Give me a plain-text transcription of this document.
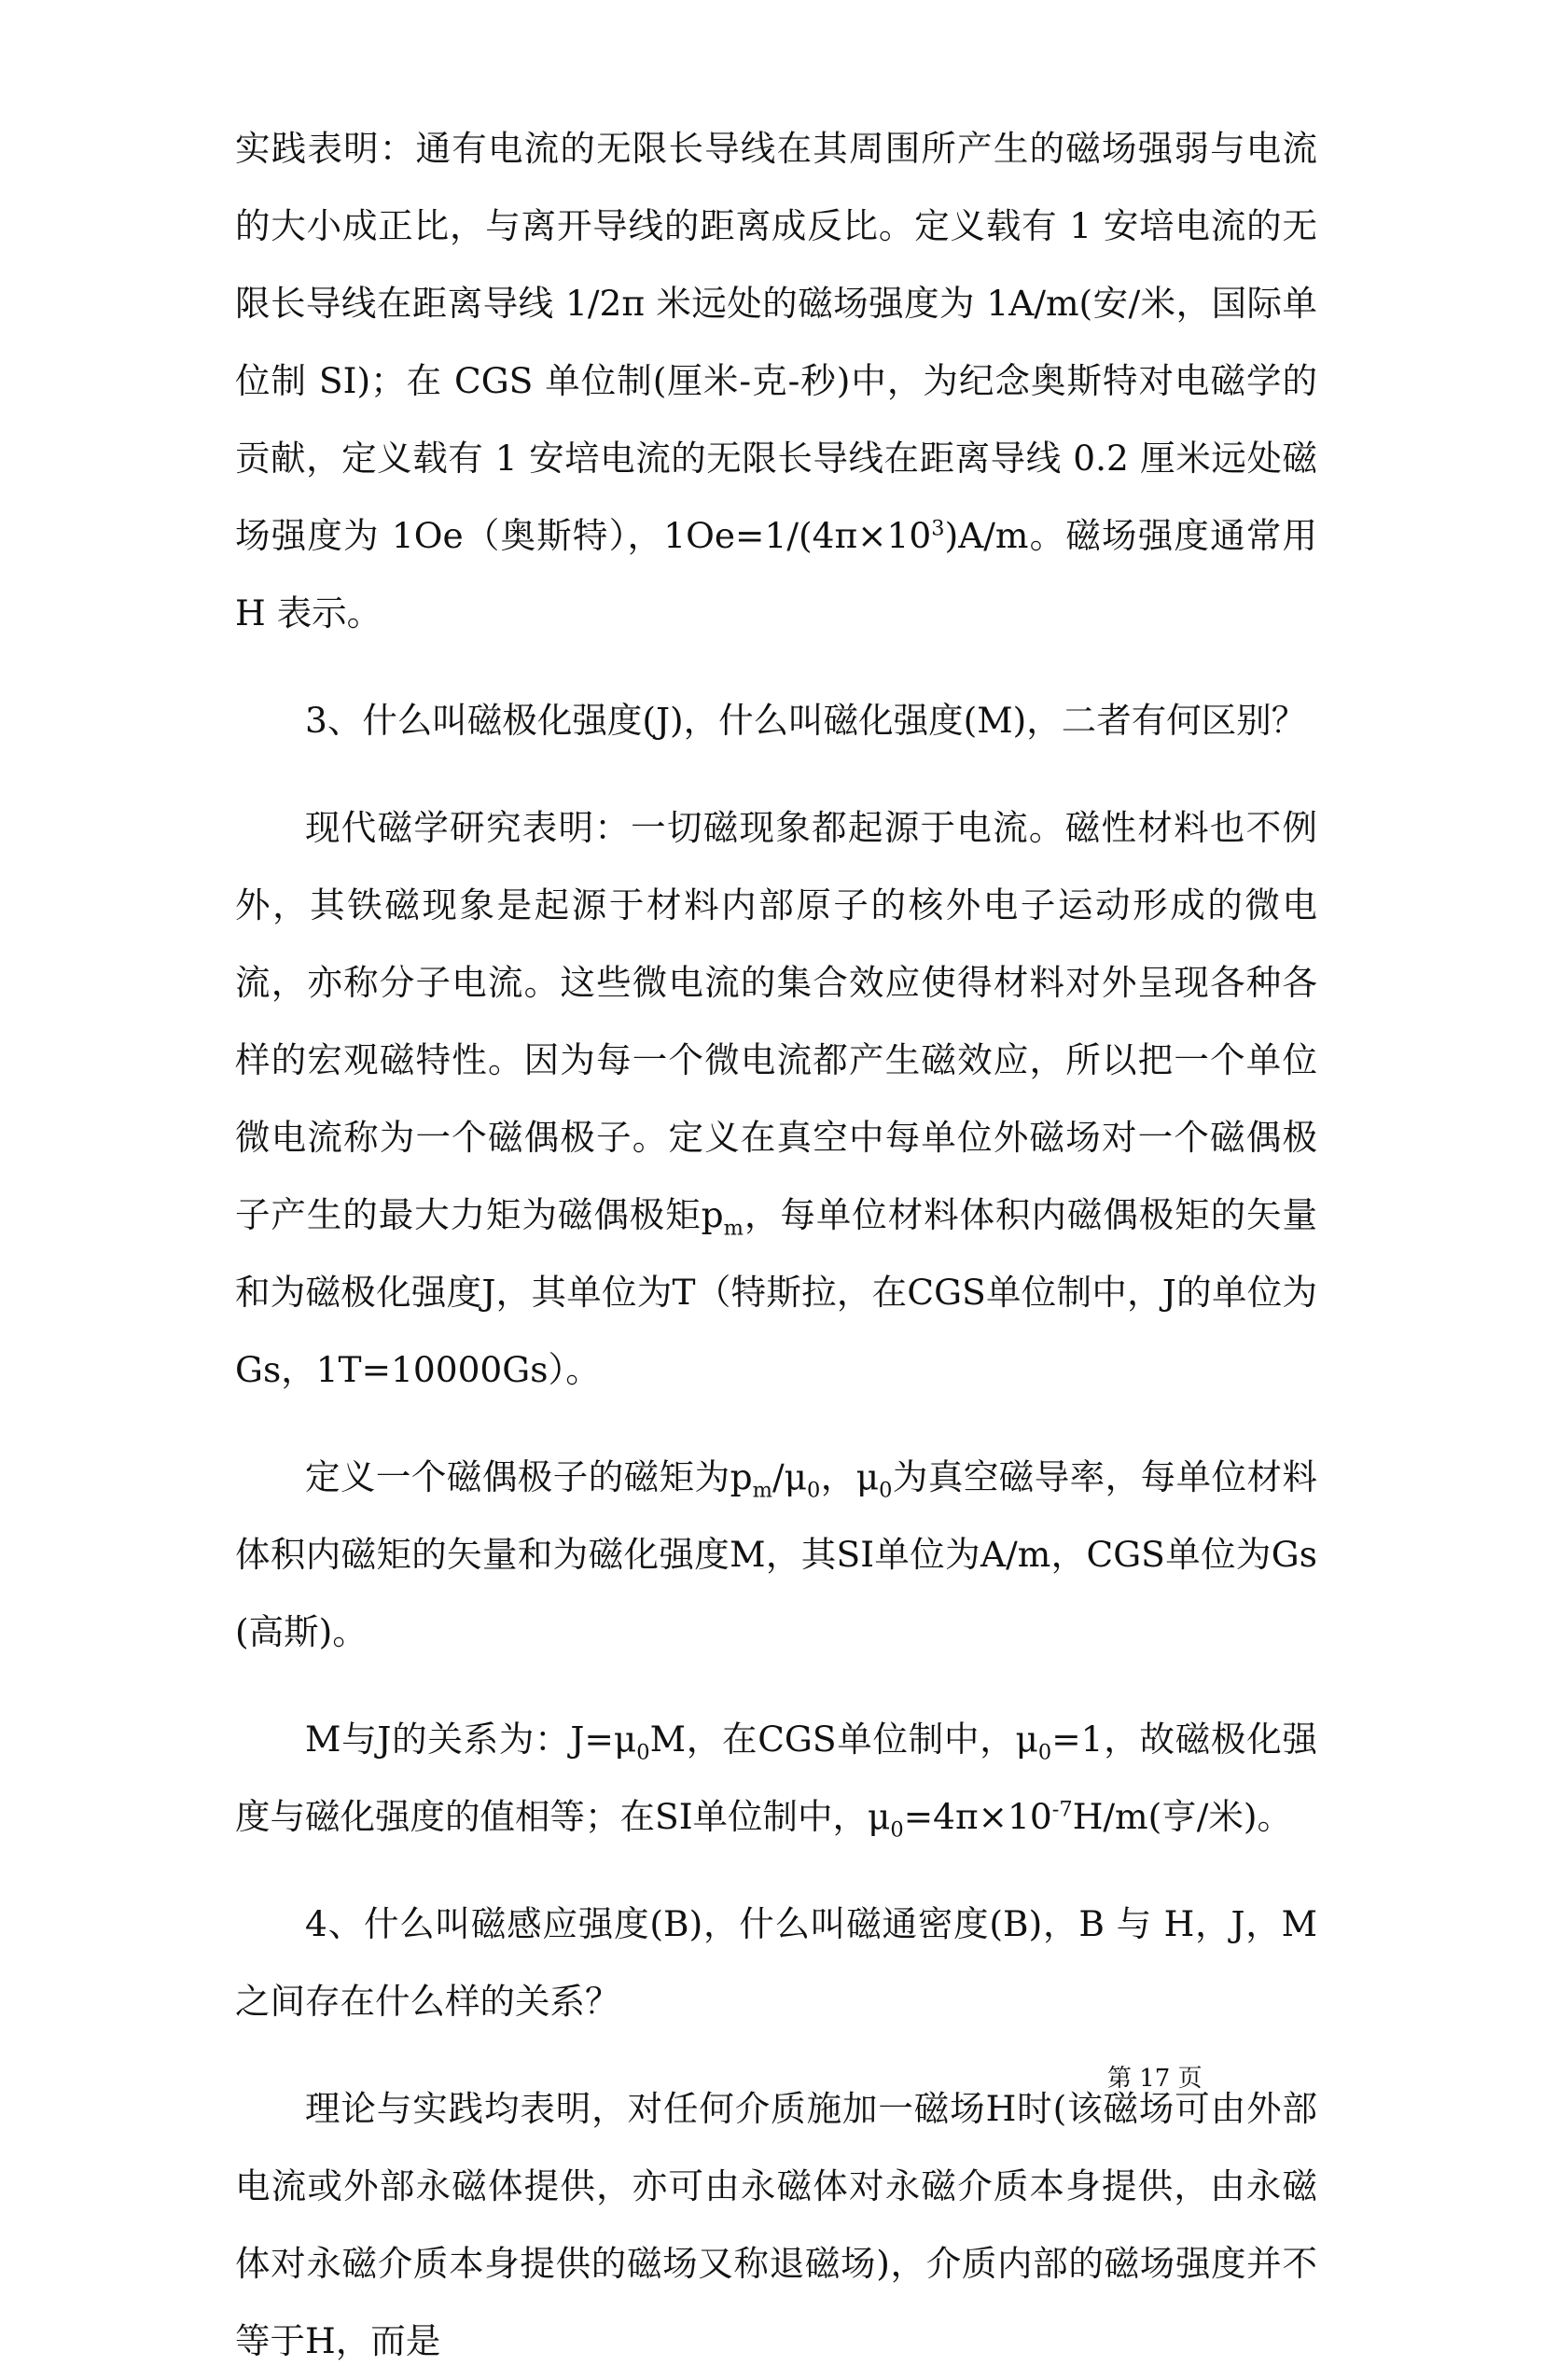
实践表明：通有电流的无限长导线在其周围所产生的磁场强弱与电流的大小成正比，与离开导线的距离成反比。定义载有 1 安培电流的无限长导线在距离导线 1/2π 米远处的磁场强度为 1A/m(安/米，国际单位制 SI)；在 CGS 单位制(厘米-克-秒)中，为纪念奥斯特对电磁学的贡献，定义载有 1 安培电流的无限长导线在距离导线 0.2 厘米远处磁场强度为 1Oe（奥斯特），$1Oe=1/(4\pi\times 10^3)A/m$。磁场强度通常用 H 表示。

3、什么叫磁极化强度(J)，什么叫磁化强度(M)，二者有何区别？

现代磁学研究表明：一切磁现象都起源于电流。磁性材料也不例外，其铁磁现象是起源于材料内部原子的核外电子运动形成的微电流，亦称分子电流。这些微电流的集合效应使得材料对外呈现各种各样的宏观磁特性。因为每一个微电流都产生磁效应，所以把一个单位微电流称为一个磁偶极子。定义在真空中每单位外磁场对一个磁偶极子产生的最大力矩为磁偶极矩$p_m$，每单位材料体积内磁偶极矩的矢量和为磁极化强度J，其单位为T（特斯拉，在CGS单位制中，J的单位为Gs，1T=10000Gs）。

定义一个磁偶极子的磁矩为$p_m/\mu_0$，$\mu_0$为真空磁导率，每单位材料体积内磁矩的矢量和为磁化强度M，其SI单位为A/m，CGS单位为Gs(高斯)。

M与J的关系为：$J=\mu_0M$，在CGS单位制中，$\mu_0=1$，故磁极化强度与磁化强度的值相等；在SI单位制中，$\mu_0=4\pi\times 10^{-7}H/m$(亨/米)。

4、什么叫磁感应强度(B)，什么叫磁通密度(B)，B 与 H，J，M 之间存在什么样的关系？

理论与实践均表明，对任何介质施加一磁场H时(该磁场可由外部电流或外部永磁体提供，亦可由永磁体对永磁介质本身提供，由永磁体对永磁介质本身提供的磁场又称退磁场)，介质内部的磁场强度并不等于H，而是

第 17 页
